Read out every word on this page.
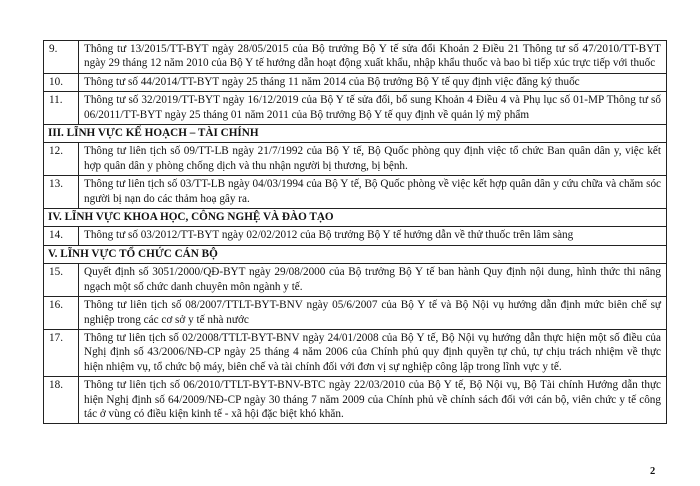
9.	Thông tư 13/2015/TT-BYT ngày 28/05/2015 của Bộ trưởng Bộ Y tế sửa đổi Khoản 2 Điều 21 Thông tư số 47/2010/TT-BYT ngày 29 tháng 12 năm 2010 của Bộ Y tế hướng dẫn hoạt động xuất khẩu, nhập khẩu thuốc và bao bì tiếp xúc trực tiếp với thuốc
10.	Thông tư số 44/2014/TT-BYT ngày 25 tháng 11 năm 2014 của Bộ trưởng Bộ Y tế quy định việc đăng ký thuốc
11.	Thông tư số 32/2019/TT-BYT ngày 16/12/2019 của Bộ Y tế sửa đổi, bổ sung Khoản 4 Điều 4 và Phụ lục số 01-MP Thông tư số 06/2011/TT-BYT ngày 25 tháng 01 năm 2011 của Bộ trưởng Bộ Y tế quy định về quản lý mỹ phẩm
III. LĨNH VỰC KẾ HOẠCH – TÀI CHÍNH	
12.	Thông tư liên tịch số 09/TT-LB ngày 21/7/1992 của Bộ Y tế, Bộ Quốc phòng quy định việc tổ chức Ban quân dân y, việc kết hợp quân dân y phòng chống dịch và thu nhận người bị thương, bị bệnh.
13.	Thông tư liên tịch số 03/TT-LB ngày 04/03/1994 của Bộ Y tế, Bộ Quốc phòng về việc kết hợp quân dân y cứu chữa và chăm sóc người bị nạn do các thảm hoạ gây ra.
IV. LĨNH VỰC KHOA HỌC, CÔNG NGHỆ VÀ ĐÀO TẠO	
14.	Thông tư số 03/2012/TT-BYT ngày 02/02/2012 của Bộ trưởng Bộ Y tế hướng dẫn về thử thuốc trên lâm sàng
V. LĨNH VỰC TỔ CHỨC CÁN BỘ	
15.	Quyết định số 3051/2000/QĐ-BYT ngày 29/08/2000 của Bộ trưởng Bộ Y tế ban hành Quy định nội dung, hình thức thi nâng ngạch một số chức danh chuyên môn ngành y tế.
16.	Thông tư liên tịch số 08/2007/TTLT-BYT-BNV ngày 05/6/2007 của Bộ Y tế và Bộ Nội vụ hướng dẫn định mức biên chế sự nghiệp trong các cơ sở y tế nhà nước
17.	Thông tư liên tịch số 02/2008/TTLT-BYT-BNV ngày 24/01/2008 của Bộ Y tế, Bộ Nội vụ hướng dẫn thực hiện một số điều của Nghị định số 43/2006/NĐ-CP ngày 25 tháng 4 năm 2006 của Chính phủ quy định quyền tự chủ, tự chịu trách nhiệm về thực hiện nhiệm vụ, tổ chức bộ máy, biên chế và tài chính đối với đơn vị sự nghiệp công lập trong lĩnh vực y tế.
18.	Thông tư liên tịch số 06/2010/TTLT-BYT-BNV-BTC ngày 22/03/2010 của Bộ Y tế, Bộ Nội vụ, Bộ Tài chính Hướng dẫn thực hiện Nghị định số 64/2009/NĐ-CP ngày 30 tháng 7 năm 2009 của Chính phủ về chính sách đối với cán bộ, viên chức y tế công tác ở vùng có điều kiện kinh tế - xã hội đặc biệt khó khăn.
2
